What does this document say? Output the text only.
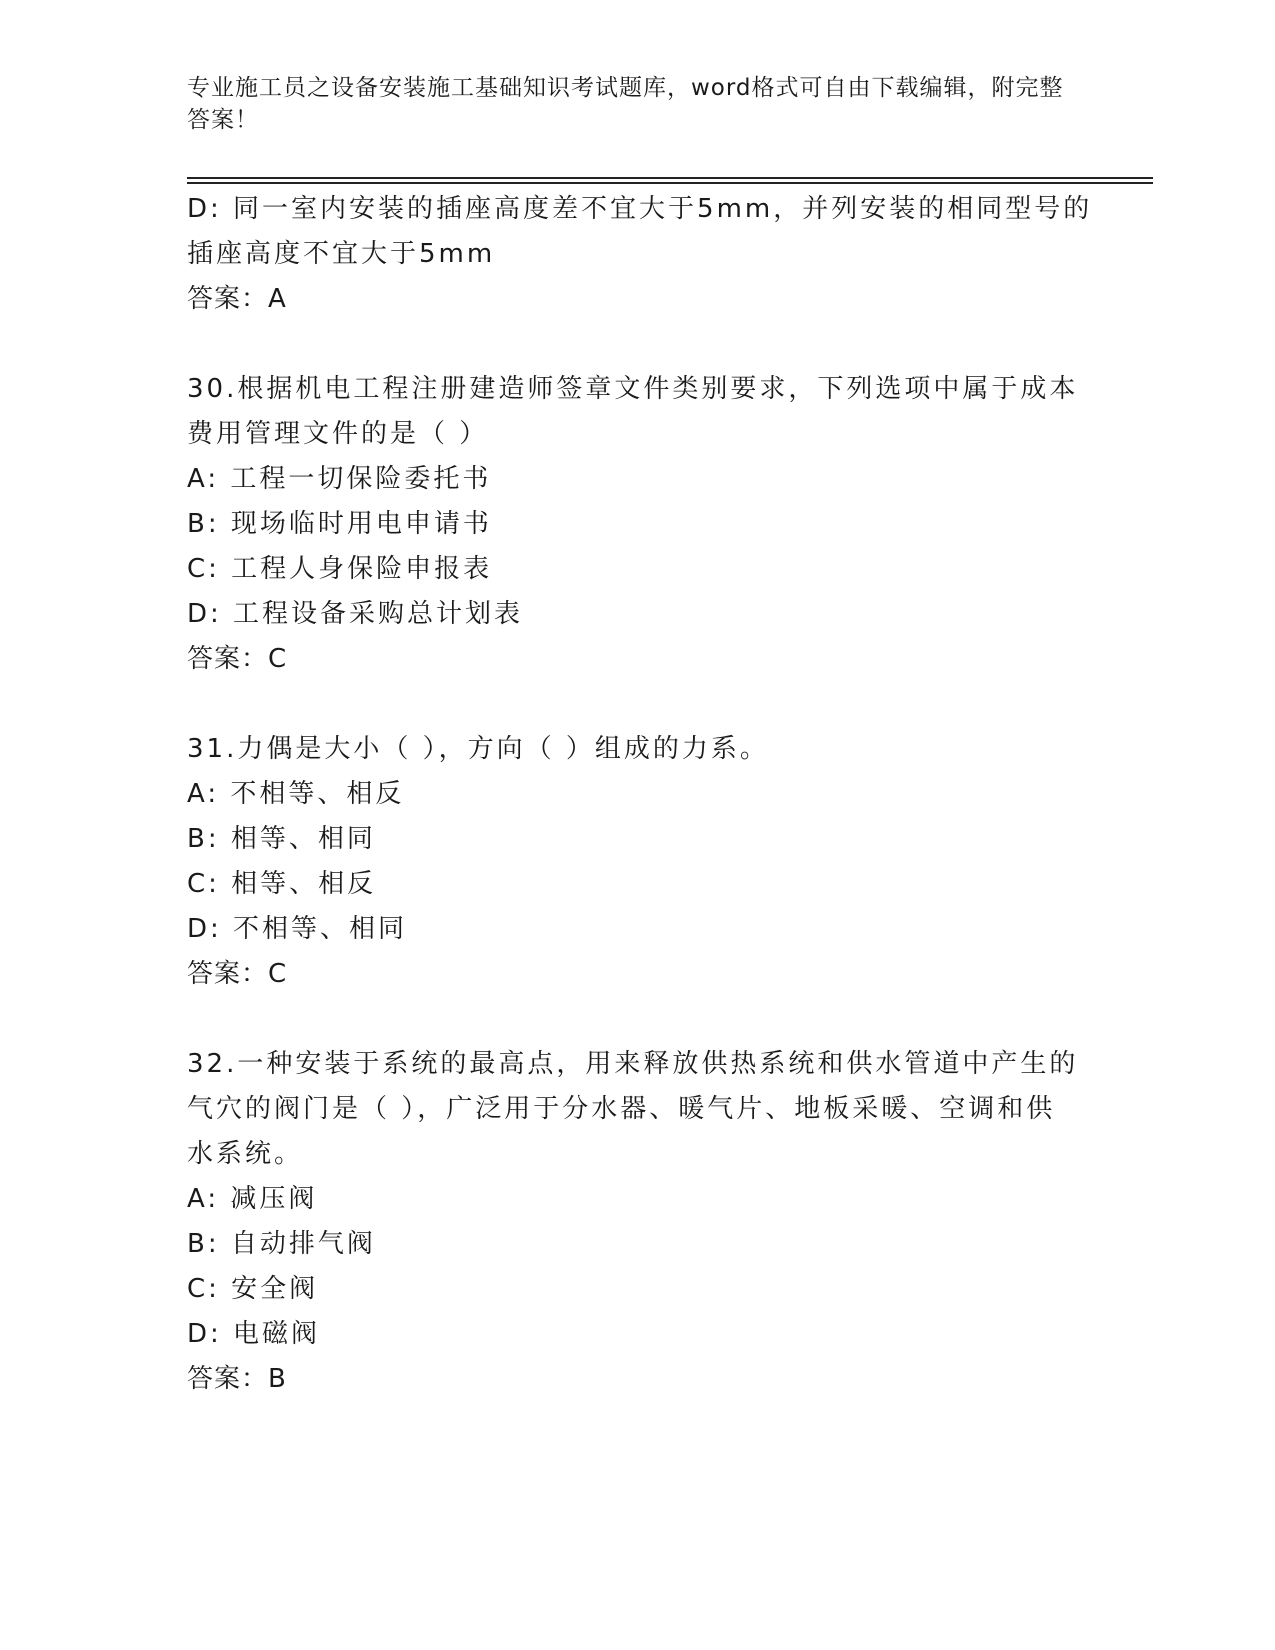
专业施工员之设备安装施工基础知识考试题库，word格式可自由下载编辑，附完整答案！
D: 同一室内安装的插座高度差不宜大于5mm，并列安装的相同型号的
插座高度不宜大于5mm
答案：A
30.根据机电工程注册建造师签章文件类别要求，下列选项中属于成本
费用管理文件的是（ ）
A: 工程一切保险委托书
B: 现场临时用电申请书
C: 工程人身保险申报表
D: 工程设备采购总计划表
答案：C
31.力偶是大小（ ），方向（ ）组成的力系。
A: 不相等、相反
B: 相等、相同
C: 相等、相反
D: 不相等、相同
答案：C
32.一种安装于系统的最高点，用来释放供热系统和供水管道中产生的
气穴的阀门是（ ），广泛用于分水器、暖气片、地板采暖、空调和供
水系统。
A: 减压阀
B: 自动排气阀
C: 安全阀
D: 电磁阀
答案：B
